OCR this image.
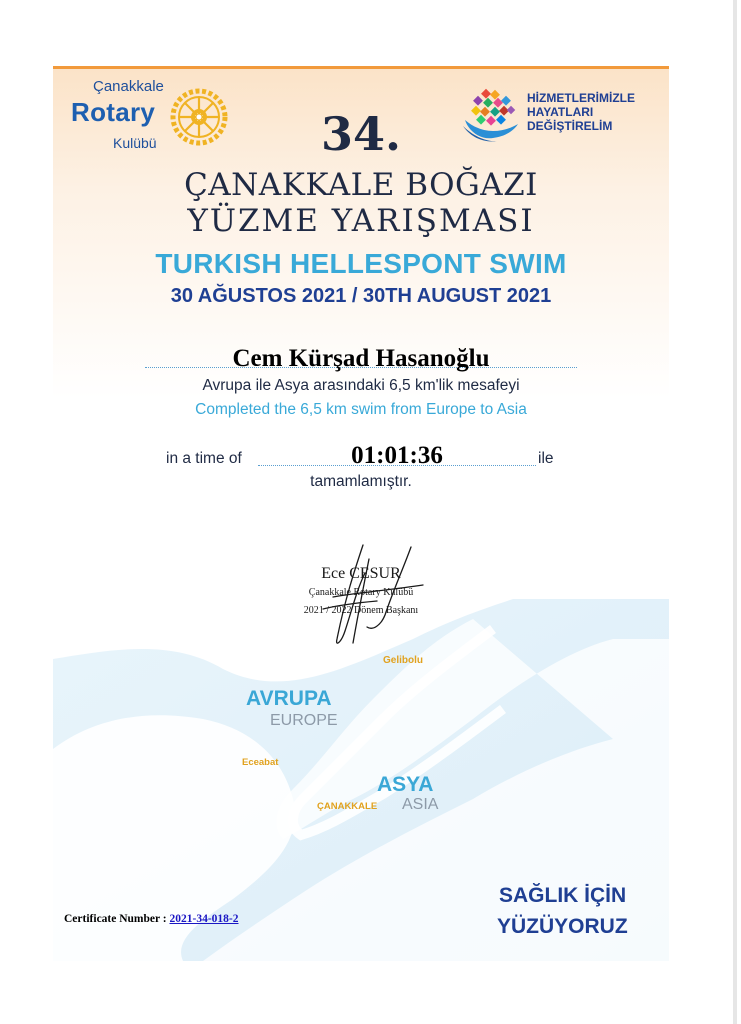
Çanakkale
Rotary
Kulübü
HİZMETLERİMİZLE
HAYATLARI
DEĞİŞTİRELİM
34.
ÇANAKKALE BOĞAZI
YÜZME YARIŞMASI
TURKISH HELLESPONT SWIM
30 AĞUSTOS 2021 / 30TH AUGUST 2021
Cem Kürşad Hasanoğlu
Avrupa ile Asya arasındaki 6,5 km'lik mesafeyi
Completed the 6,5 km swim from Europe to Asia
in a time of	01:01:36	ile
tamamlamıştır.
Gelibolu
AVRUPA
EUROPE
Eceabat
ASYA
ASIA
ÇANAKKALE
Ece CESUR
Çanakkale Rotary Kulübü
2021 / 2022 Dönem Başkanı
SAĞLIK İÇİN
YÜZÜYORUZ
Certificate Number : 2021-34-018-2
